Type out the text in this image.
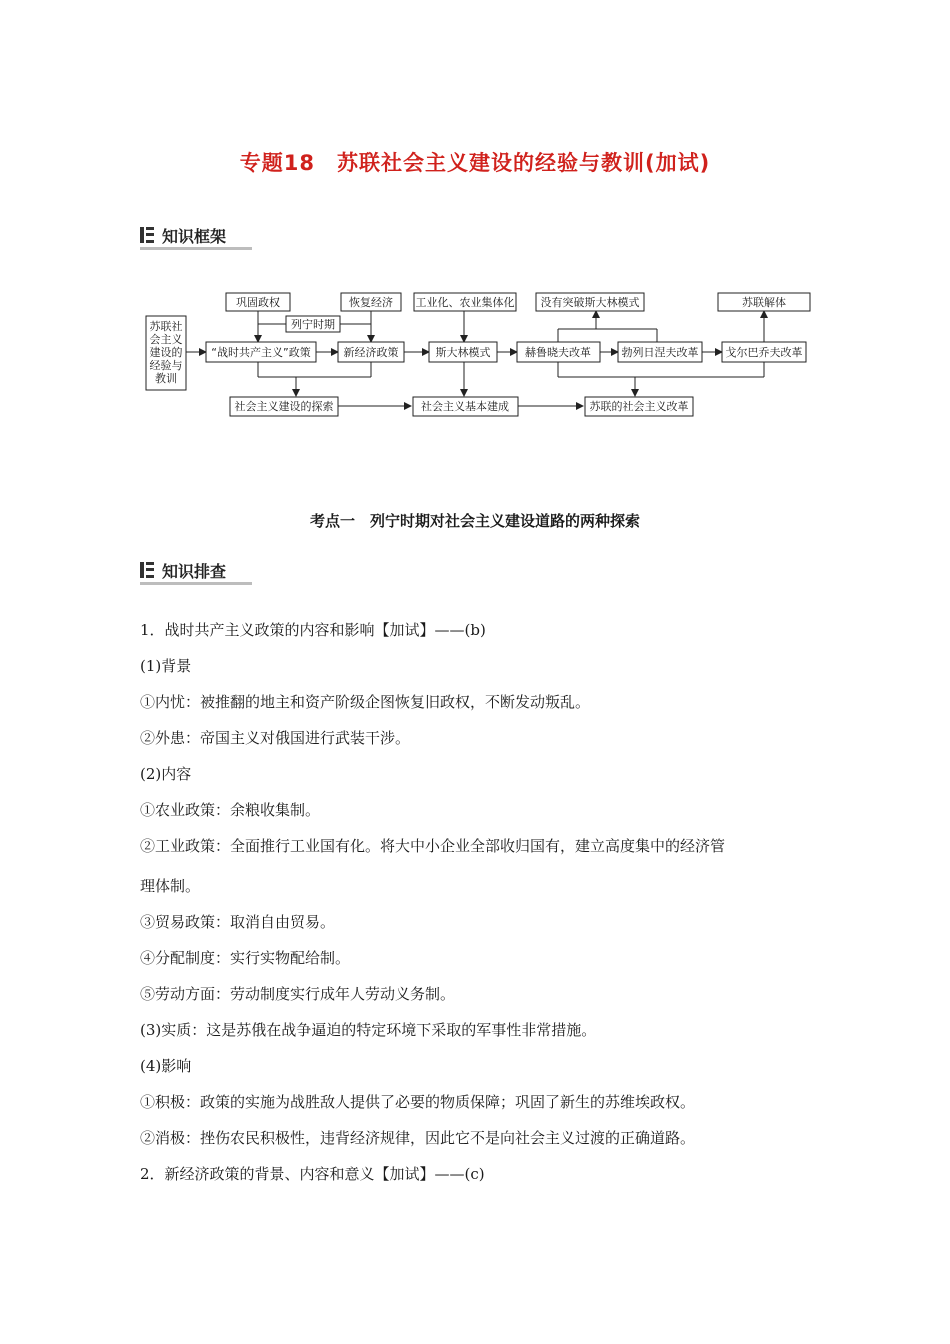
专题18　苏联社会主义建设的经验与教训(加试)
知识框架
苏联社
会主义
建设的
经验与
教训
巩固政权	恢复经济
列宁时期
“战时共产主义”政策	新经济政策
工业化、农业集体化
斯大林模式
没有突破斯大林模式
赫鲁晓夫改革	勃列日涅夫改革
苏联解体
戈尔巴乔夫改革
社会主义建设的探索	社会主义基本建成	苏联的社会主义改革
考点一　列宁时期对社会主义建设道路的两种探索
知识排查

1．战时共产主义政策的内容和影响【加试】——(b)

(1)背景

①内忧：被推翻的地主和资产阶级企图恢复旧政权，不断发动叛乱。

②外患：帝国主义对俄国进行武装干涉。

(2)内容

①农业政策：余粮收集制。

②工业政策：全面推行工业国有化。将大中小企业全部收归国有，建立高度集中的经济管

理体制。

③贸易政策：取消自由贸易。

④分配制度：实行实物配给制。

⑤劳动方面：劳动制度实行成年人劳动义务制。

(3)实质：这是苏俄在战争逼迫的特定环境下采取的军事性非常措施。

(4)影响

①积极：政策的实施为战胜敌人提供了必要的物质保障；巩固了新生的苏维埃政权。

②消极：挫伤农民积极性，违背经济规律，因此它不是向社会主义过渡的正确道路。

2．新经济政策的背景、内容和意义【加试】——(c)
